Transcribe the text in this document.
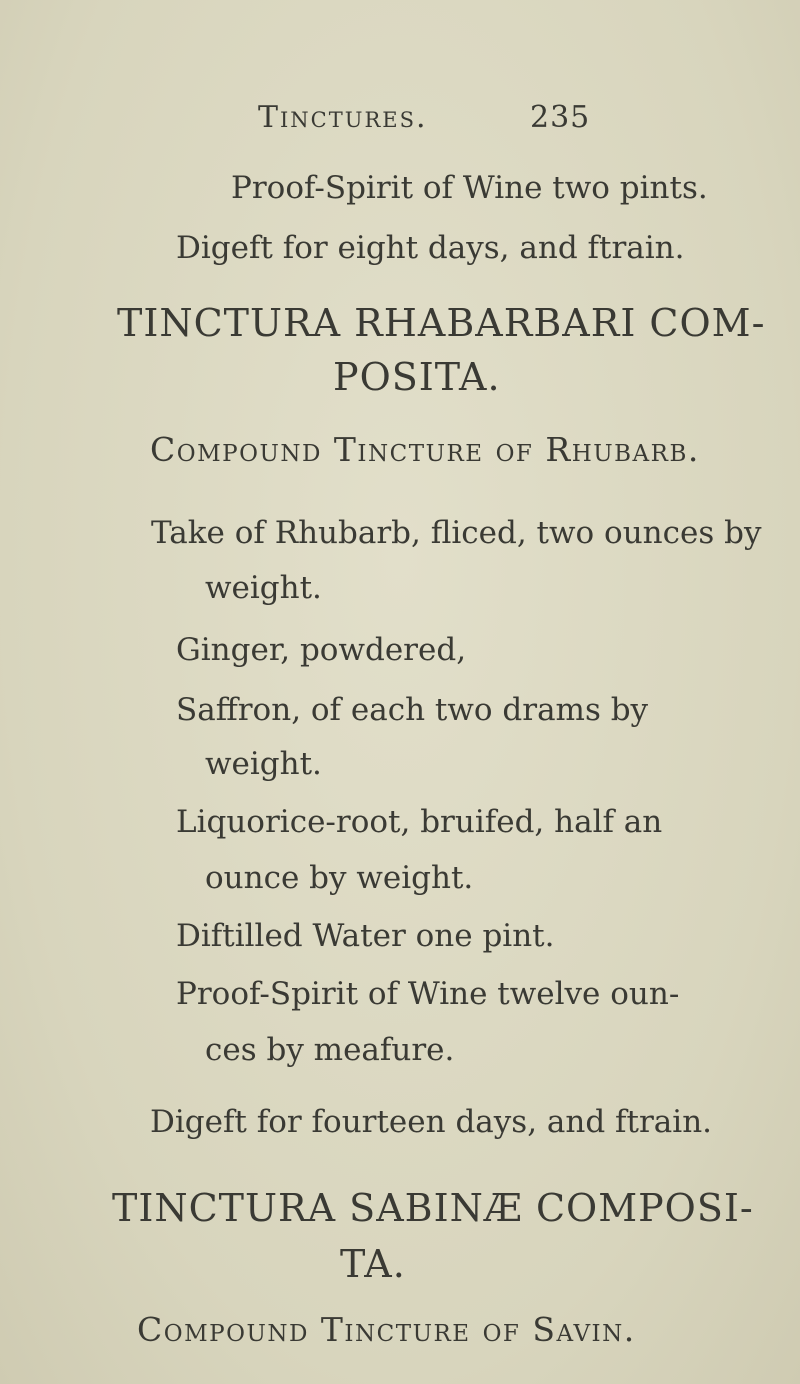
Tinctures.	235
Proof-Spirit of Wine two pints.
Digeft for eight days, and ftrain.
TINCTURA RHABARBARI COM-
POSITA.
Compound Tincture of Rhubarb.
Take of Rhubarb, fliced, two ounces by
weight.
Ginger, powdered,
Saffron, of each two drams by
weight.
Liquorice-root, bruifed, half an
ounce by weight.
Diftilled Water one pint.
Proof-Spirit of Wine twelve oun-
ces by meafure.
Digeft for fourteen days, and ftrain.
TINCTURA SABINÆ COMPOSI-
TA.
Compound Tincture of Savin.
